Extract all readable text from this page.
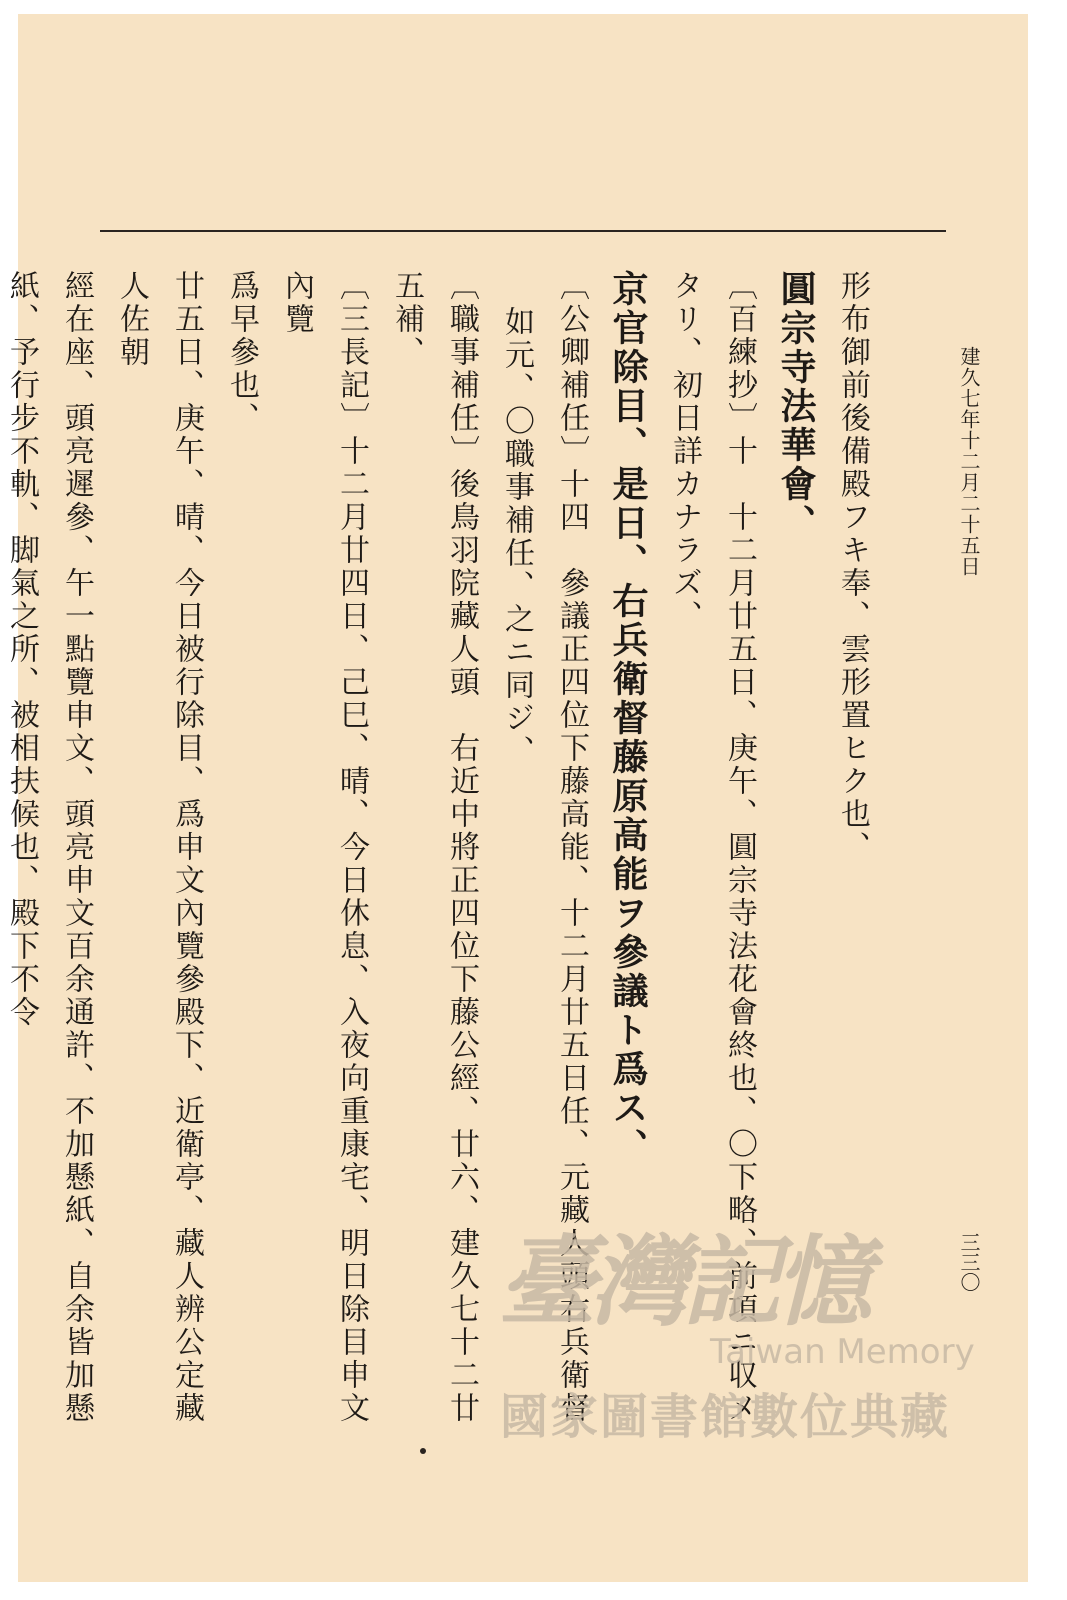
建久七年十二月二十五日
三三〇
形布御前後備殿フキ奉、雲形置ヒク也、
圓宗寺法華會、
〔百練抄〕十　十二月廿五日、庚午、圓宗寺法花會終也、〇下略、前項ニ収メタリ、初日詳カナラズ、
京官除目、是日、右兵衛督藤原高能ヲ參議ト爲ス、
〔公卿補任〕十四　參議正四位下藤高能、十二月廿五日任、元藏人頭右兵衛督
如元、〇職事補任、之ニ同ジ、
〔職事補任〕後鳥羽院藏人頭　右近中將正四位下藤公經、廿六、建久七十二廿五補、
〔三長記〕十二月廿四日、己巳、晴、今日休息、入夜向重康宅、明日除目申文內覽
爲早參也、
廿五日、庚午、晴、今日被行除目、爲申文內覽參殿下、近衛亭、藏人辨公定藏人佐朝
經在座、頭亮遲參、午一點覽申文、頭亮申文百余通許、不加懸紙、自余皆加懸紙、予行步不軌、脚氣之所、被相扶候也、殿下不令
臺灣記憶
Taiwan Memory
國家圖書館數位典藏
